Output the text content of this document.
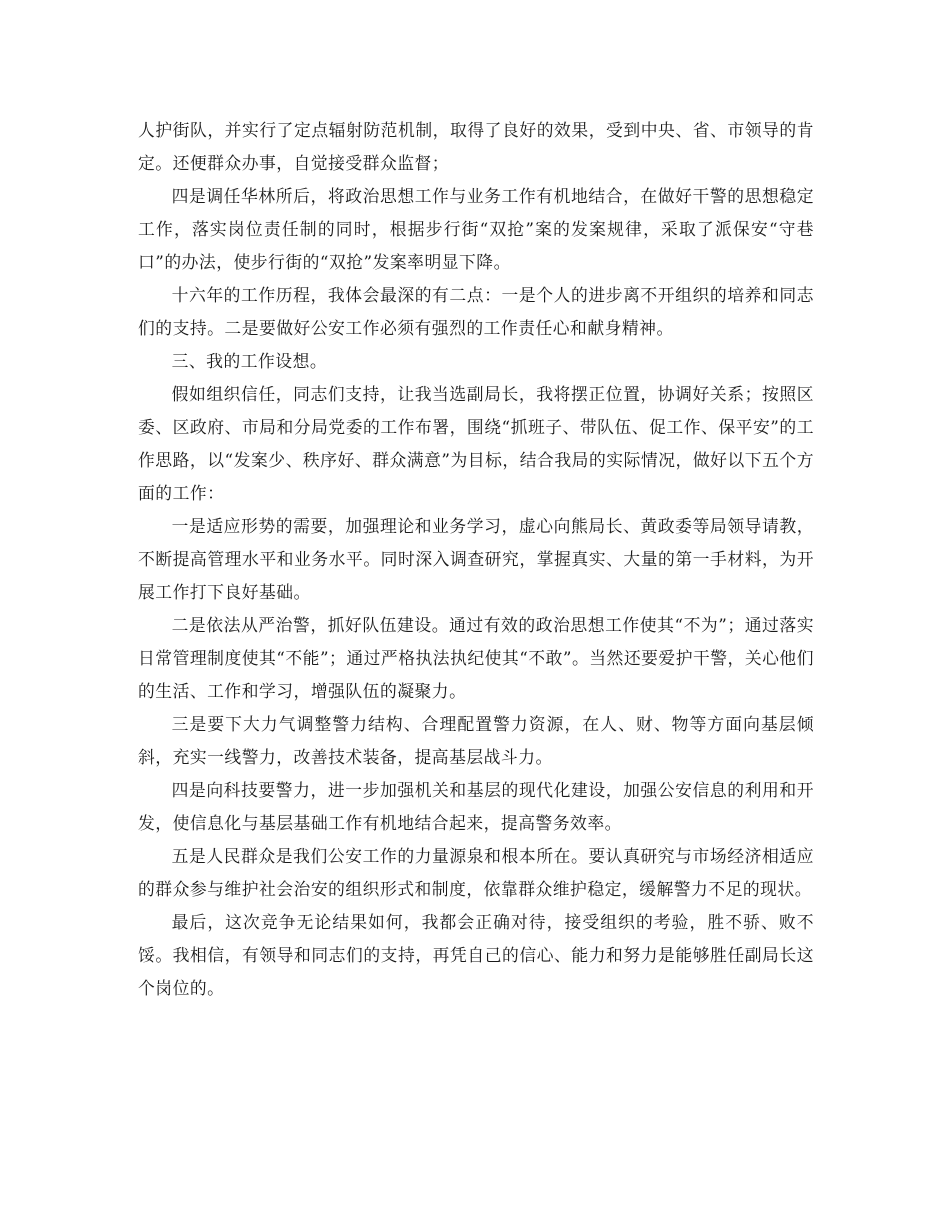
人护街队，并实行了定点辐射防范机制，取得了良好的效果，受到中央、省、市领导的肯定。还便群众办事，自觉接受群众监督；

四是调任华林所后，将政治思想工作与业务工作有机地结合，在做好干警的思想稳定工作，落实岗位责任制的同时，根据步行街“双抢”案的发案规律，采取了派保安“守巷口”的办法，使步行街的“双抢”发案率明显下降。

十六年的工作历程，我体会最深的有二点：一是个人的进步离不开组织的培养和同志们的支持。二是要做好公安工作必须有强烈的工作责任心和献身精神。

三、我的工作设想。

假如组织信任，同志们支持，让我当选副局长，我将摆正位置，协调好关系；按照区委、区政府、市局和分局党委的工作布署，围绕“抓班子、带队伍、促工作、保平安”的工作思路，以“发案少、秩序好、群众满意”为目标，结合我局的实际情况，做好以下五个方面的工作：

一是适应形势的需要，加强理论和业务学习，虚心向熊局长、黄政委等局领导请教，不断提高管理水平和业务水平。同时深入调查研究，掌握真实、大量的第一手材料，为开展工作打下良好基础。

二是依法从严治警，抓好队伍建设。通过有效的政治思想工作使其“不为”；通过落实日常管理制度使其“不能”；通过严格执法执纪使其“不敢”。当然还要爱护干警，关心他们的生活、工作和学习，增强队伍的凝聚力。

三是要下大力气调整警力结构、合理配置警力资源，在人、财、物等方面向基层倾斜，充实一线警力，改善技术装备，提高基层战斗力。

四是向科技要警力，进一步加强机关和基层的现代化建设，加强公安信息的利用和开发，使信息化与基层基础工作有机地结合起来，提高警务效率。

五是人民群众是我们公安工作的力量源泉和根本所在。要认真研究与市场经济相适应的群众参与维护社会治安的组织形式和制度，依靠群众维护稳定，缓解警力不足的现状。

最后，这次竞争无论结果如何，我都会正确对待，接受组织的考验，胜不骄、败不馁。我相信，有领导和同志们的支持，再凭自己的信心、能力和努力是能够胜任副局长这个岗位的。
